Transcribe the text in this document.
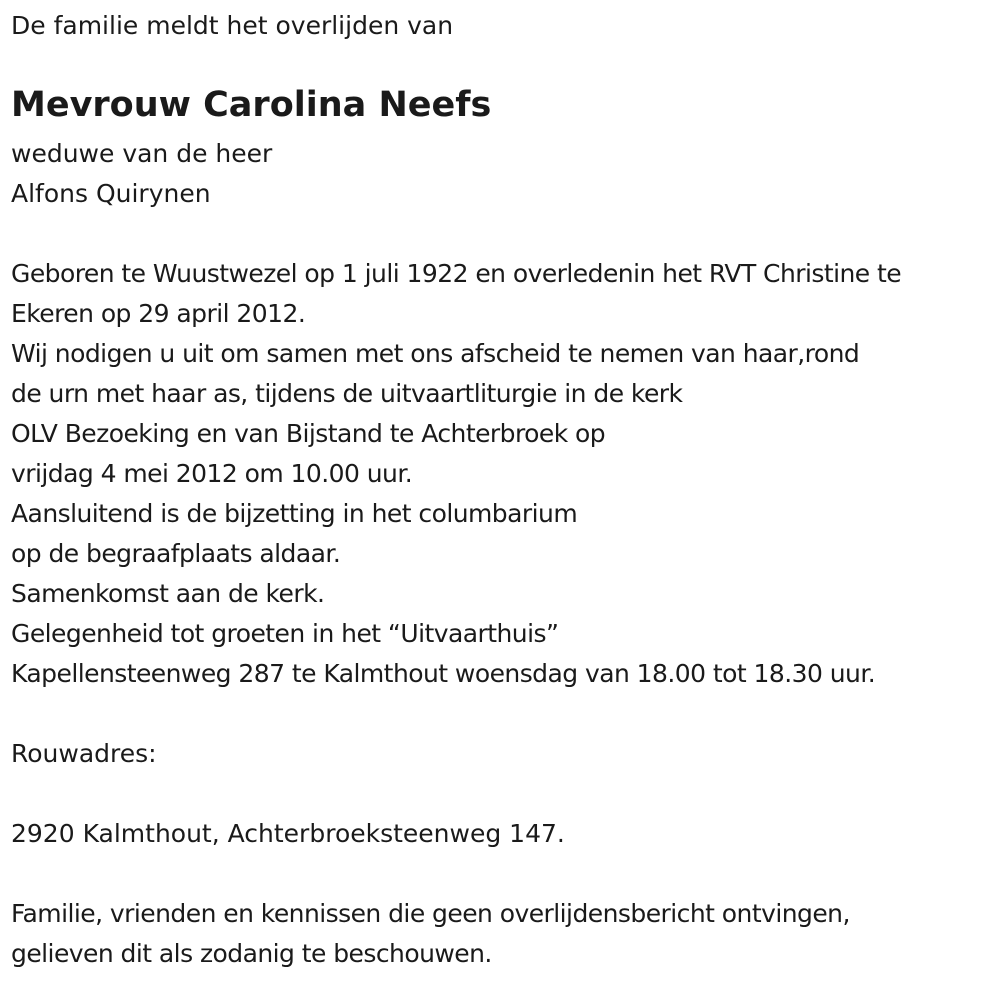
De familie meldt het overlijden van
Mevrouw Carolina Neefs
weduwe van de heer
Alfons Quirynen
Geboren te Wuustwezel op 1 juli 1922 en overledenin het RVT Christine te
Ekeren op 29 april 2012.
Wij nodigen u uit om samen met ons afscheid te nemen van haar,rond
de urn met haar as, tijdens de uitvaartliturgie in de kerk
OLV Bezoeking en van Bijstand te Achterbroek op
vrijdag 4 mei 2012 om 10.00 uur.
Aansluitend is de bijzetting in het columbarium
op de begraafplaats aldaar.
Samenkomst aan de kerk.
Gelegenheid tot groeten in het “Uitvaarthuis”
Kapellensteenweg 287 te Kalmthout woensdag van 18.00 tot 18.30 uur.
Rouwadres:
2920 Kalmthout, Achterbroeksteenweg 147.
Familie, vrienden en kennissen die geen overlijdensbericht ontvingen,
gelieven dit als zodanig te beschouwen.
